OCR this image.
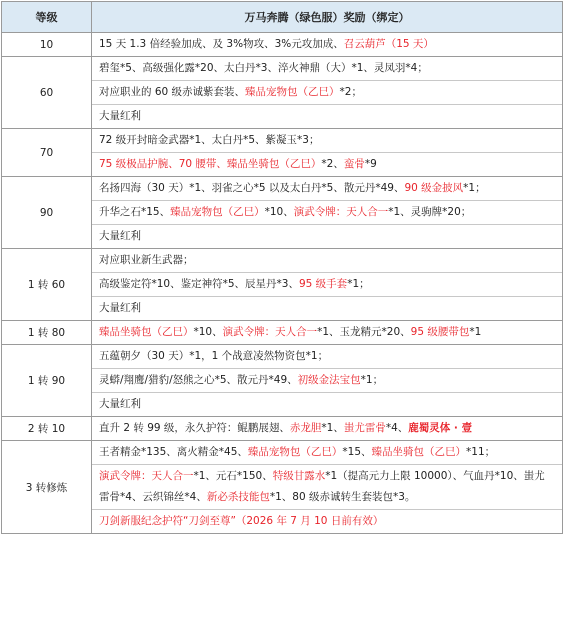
等级	万马奔腾（绿色服）奖励（绑定）
10	15 天 1.3 倍经验加成、及 3%物攻、3%元攻加成、召云葫芦（15 天）

60	碧玺*5、高级强化露*20、太白丹*3、淬火神鼎（大）*1、灵凤羽*4；
对应职业的 60 级赤诚紫套装、臻品宠物包（乙巳）*2；
大量红利

70	72 级开封暗金武器*1、太白丹*5、紫凝玉*3；
75 级极品护腕、70 腰带、臻品坐骑包（乙巳）*2、蛮骨*9

90	名扬四海（30 天）*1、羽雀之心*5 以及太白丹*5、散元丹*49、90 级金披风*1；
升华之石*15、臻品宠物包（乙巳）*10、演武令牌：天人合一*1、灵驹牌*20；
大量红利

1 转 60	对应职业新生武器；
高级鉴定符*10、鉴定神符*5、辰星丹*3、95 级手套*1；
大量红利

1 转 80	臻品坐骑包（乙巳）*10、演武令牌：天人合一*1、玉龙精元*20、95 级腰带包*1

1 转 90	五蕴朝夕（30 天）*1，1 个战意凌然物资包*1；
灵蟒/翔鹰/猎豹/怒熊之心*5、散元丹*49、初级金法宝包*1；
大量红利

2 转 10	直升 2 转 99 级，永久护符：鲲鹏展翅、赤龙胆*1、蚩尤雷骨*4、鹿蜀灵体 · 壹

3 转修炼	王者精金*135、离火精金*45、臻品宠物包（乙巳）*15、臻品坐骑包（乙巳）*11；
演武令牌：天人合一*1、元石*150、特级甘露水*1（提高元力上限 10000）、气血丹*10、蚩尤雷骨*4、云织锦丝*4、新必杀技能包*1、80 级赤诚转生套装包*3。
刀剑新服纪念护符“刀剑至尊”（2026 年 7 月 10 日前有效）
